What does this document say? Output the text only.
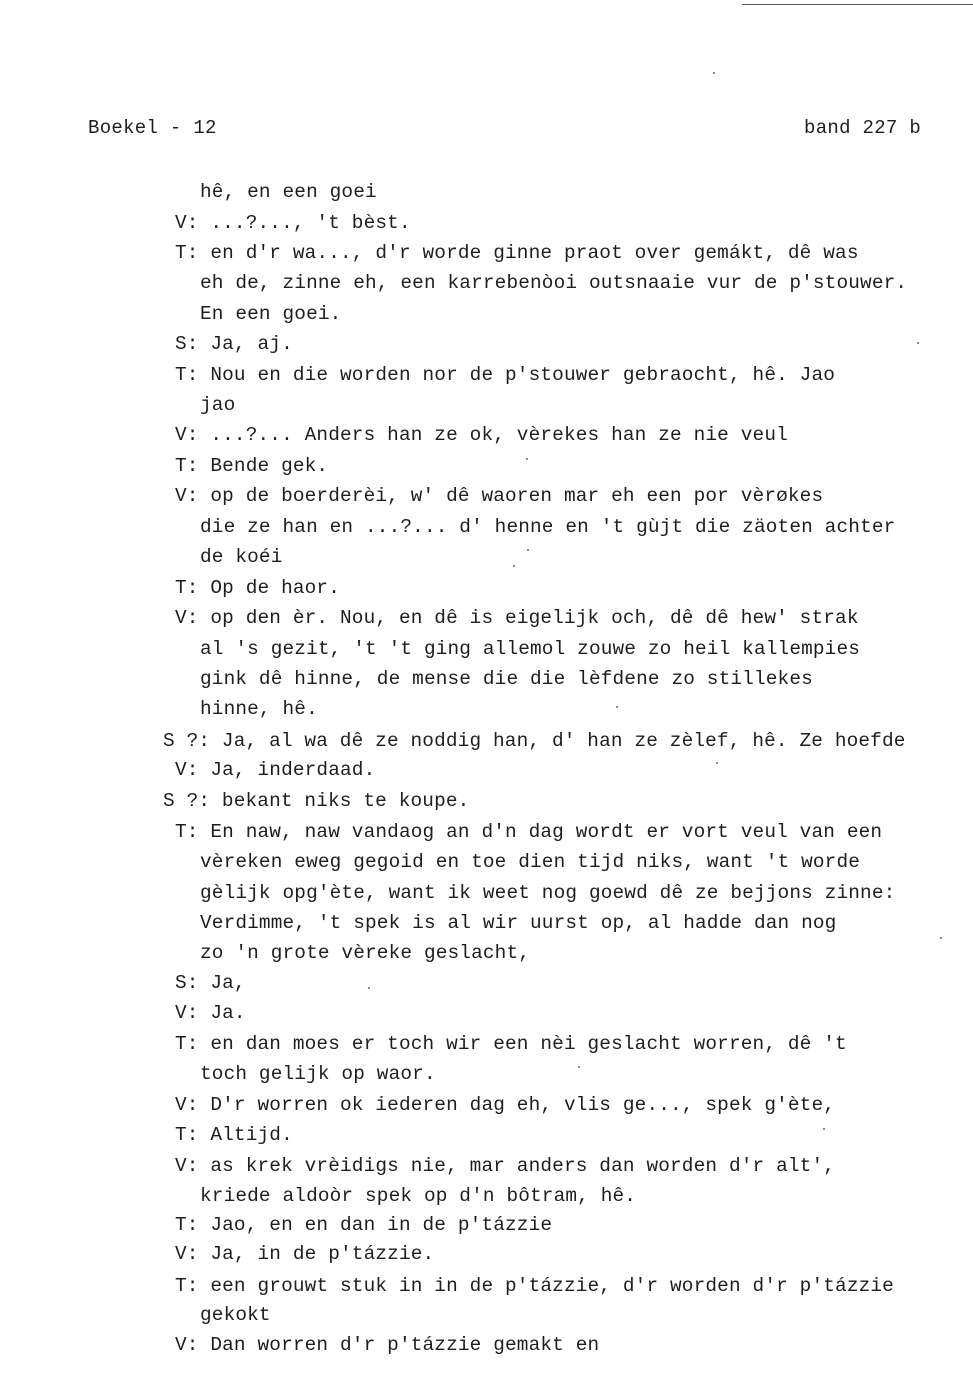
Boekel - 12	band 227 b
hê, en een goei
V: ...?..., 't bèst.
T: en d'r wa..., d'r worde ginne praot over gemákt, dê was
eh de, zinne eh, een karrebenòoi outsnaaie vur de p'stouwer.
En een goei.
S: Ja, aj.
T: Nou en die worden nor de p'stouwer gebraocht, hê. Jao
jao
V: ...?... Anders han ze ok, vèrekes han ze nie veul
T: Bende gek.
V: op de boerderèi, w' dê waoren mar eh een por vèrøkes
die ze han en ...?... d' henne en 't gùjt die zäoten achter
de koéi
T: Op de haor.
V: op den èr. Nou, en dê is eigelijk och, dê dê hew' strak
al 's gezit, 't 't ging allemol zouwe zo heil kallempies
gink dê hinne, de mense die die lèfdene zo stillekes
hinne, hê.
S ?: Ja, al wa dê ze noddig han, d' han ze zèlef, hê. Ze hoefde
V: Ja, inderdaad.
S ?: bekant niks te koupe.
T: En naw, naw vandaog an d'n dag wordt er vort veul van een
vèreken eweg gegoid en toe dien tijd niks, want 't worde
gèlijk opg'ète, want ik weet nog goewd dê ze bejjons zinne:
Verdimme, 't spek is al wir uurst op, al hadde dan nog
zo 'n grote vèreke geslacht,
S: Ja,
V: Ja.
T: en dan moes er toch wir een nèi geslacht worren, dê 't
toch gelijk op waor.
V: D'r worren ok iederen dag eh, vlis ge..., spek g'ète,
T: Altijd.
V: as krek vrèidigs nie, mar anders dan worden d'r alt',
kriede aldoòr spek op d'n bôtram, hê.
T: Jao, en en dan in de p'tázzie
V: Ja, in de p'tázzie.
T: een grouwt stuk in in de p'tázzie, d'r worden d'r p'tázzie
gekokt
V: Dan worren d'r p'tázzie gemakt en
